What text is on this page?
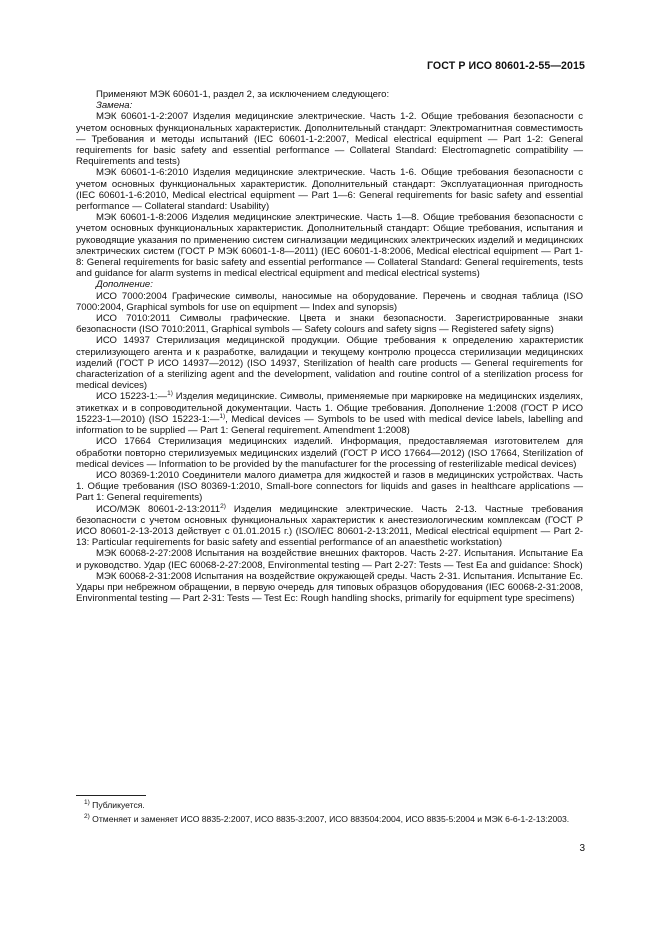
ГОСТ Р ИСО 80601-2-55—2015

Применяют МЭК 60601-1, раздел 2, за исключением следующего:

Замена:

МЭК 60601-1-2:2007 Изделия медицинские электрические. Часть 1-2. Общие требования безопасности с учетом основных функциональных характеристик. Дополнительный стандарт: Электромагнитная совместимость — Требования и методы испытаний (IEC 60601-1-2:2007, Medical electrical equipment — Part 1-2: General requirements for basic safety and essential performance — Collateral Standard: Electromagnetic compatibility — Requirements and tests)

МЭК 60601-1-6:2010 Изделия медицинские электрические. Часть 1-6. Общие требования безопасности с учетом основных функциональных характеристик. Дополнительный стандарт: Эксплуатационная пригодность (IEC 60601-1-6:2010, Medical electrical equipment — Part 1—6: General requirements for basic safety and essential performance — Collateral standard: Usability)

МЭК 60601-1-8:2006 Изделия медицинские электрические. Часть 1—8. Общие требования безопасности с учетом основных функциональных характеристик. Дополнительный стандарт: Общие требования, испытания и руководящие указания по применению систем сигнализации медицинских электрических изделий и медицинских электрических систем (ГОСТ Р МЭК 60601-1-8—2011) (IEC 60601-1-8:2006, Medical electrical equipment — Part 1-8: General requirements for basic safety and essential performance — Collateral Standard: General requirements, tests and guidance for alarm systems in medical electrical equipment and medical electrical systems)

Дополнение:

ИСО 7000:2004 Графические символы, наносимые на оборудование. Перечень и сводная таблица (ISO 7000:2004, Graphical symbols for use on equipment — Index and synopsis)

ИСО 7010:2011 Символы графические. Цвета и знаки безопасности. Зарегистрированные знаки безопасности (ISO 7010:2011, Graphical symbols — Safety colours and safety signs — Registered safety signs)

ИСО 14937 Стерилизация медицинской продукции. Общие требования к определению характеристик стерилизующего агента и к разработке, валидации и текущему контролю процесса стерилизации медицинских изделий (ГОСТ Р ИСО 14937—2012) (ISO 14937, Sterilization of health care products — General requirements for characterization of a sterilizing agent and the development, validation and routine control of a sterilization process for medical devices)

ИСО 15223-1:—$^{1)}$ Изделия медицинские. Символы, применяемые при маркировке на медицинских изделиях, этикетках и в сопроводительной документации. Часть 1. Общие требования. Дополнение 1:2008 (ГОСТ Р ИСО 15223-1—2010) (ISO 15223-1:—$^{1)}$, Medical devices — Symbols to be used with medical device labels, labelling and information to be supplied — Part 1: General requirement. Amendment 1:2008)

ИСО 17664 Стерилизация медицинских изделий. Информация, предоставляемая изготовителем для обработки повторно стерилизуемых медицинских изделий (ГОСТ Р ИСО 17664—2012) (ISO 17664, Sterilization of medical devices — Information to be provided by the manufacturer for the processing of resterilizable medical devices)

ИСО 80369-1:2010 Соединители малого диаметра для жидкостей и газов в медицинских устройствах. Часть 1. Общие требования (ISO 80369-1:2010, Small-bore connectors for liquids and gases in healthcare applications — Part 1: General requirements)

ИСО/МЭК 80601-2-13:2011$^{2)}$ Изделия медицинские электрические. Часть 2-13. Частные требования безопасности с учетом основных функциональных характеристик к анестезиологическим комплексам (ГОСТ Р ИСО 80601-2-13-2013 действует с 01.01.2015 г.) (ISO/IEC 80601-2-13:2011, Medical electrical equipment — Part 2-13: Particular requirements for basic safety and essential performance of an anaesthetic workstation)

МЭК 60068-2-27:2008 Испытания на воздействие внешних факторов. Часть 2-27. Испытания. Испытание Еа и руководство. Удар (IEC 60068-2-27:2008, Environmental testing — Part 2-27: Tests — Test Ea and guidance: Shock)

МЭК 60068-2-31:2008 Испытания на воздействие окружающей среды. Часть 2-31. Испытания. Испытание Ес. Удары при небрежном обращении, в первую очередь для типовых образцов оборудования (IEC 60068-2-31:2008, Environmental testing — Part 2-31: Tests — Test Ec: Rough handling shocks, primarily for equipment type specimens)

$^{1)}$ Публикуется.

$^{2)}$ Отменяет и заменяет ИСО 8835-2:2007, ИСО 8835-3:2007, ИСО 883504:2004, ИСО 8835-5:2004 и МЭК 6-6-1-2-13:2003.

3
